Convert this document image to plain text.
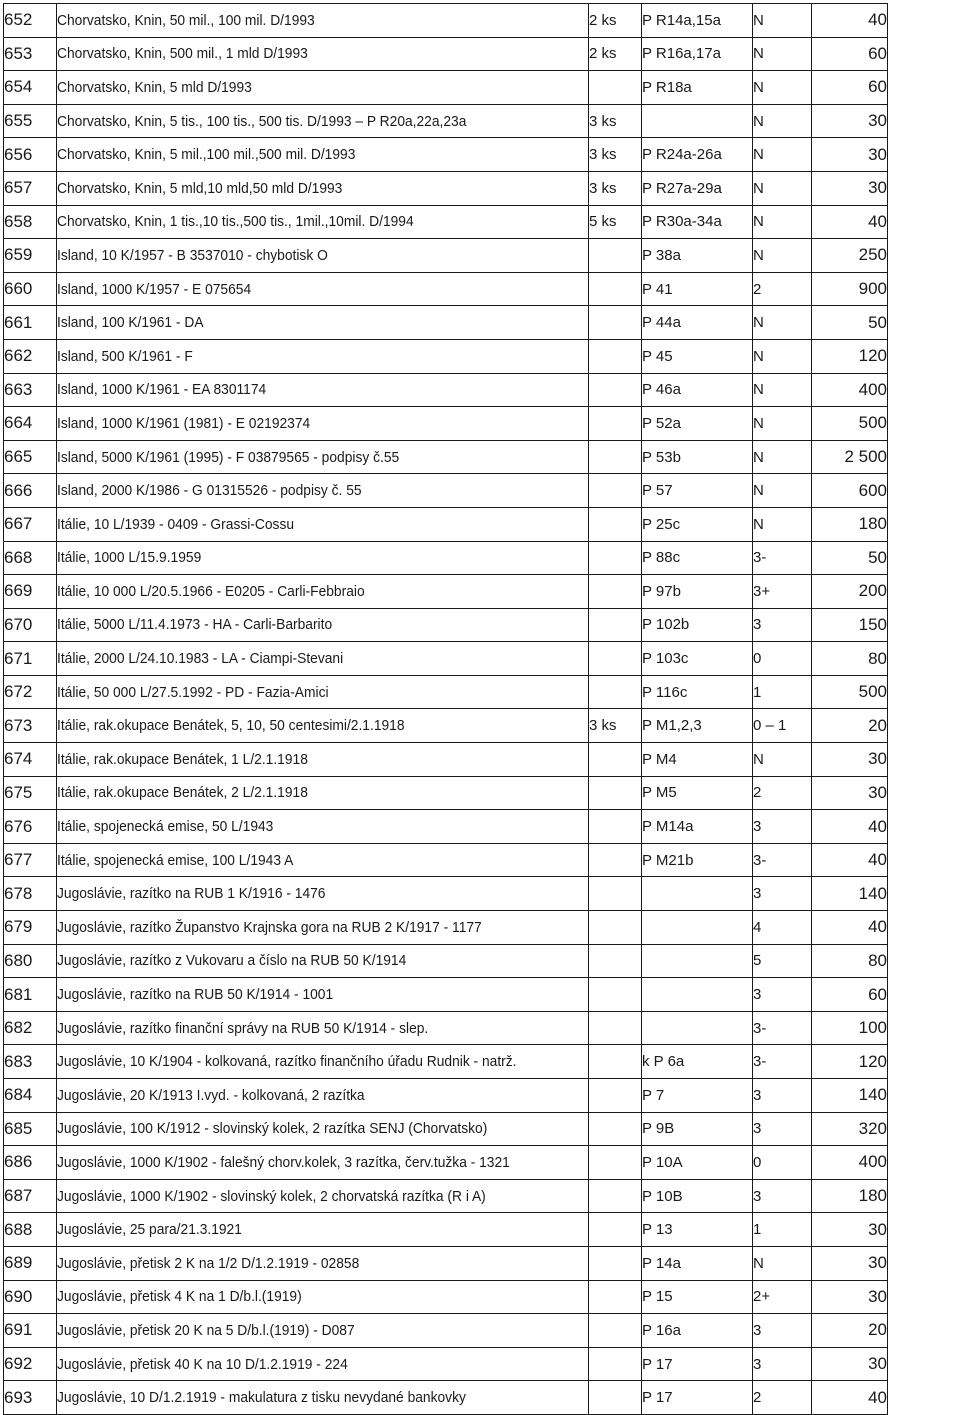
652	Chorvatsko, Knin, 50 mil., 100 mil. D/1993	2 ks	P R14a,15a	N	40
653	Chorvatsko, Knin, 500 mil., 1 mld D/1993	2 ks	P R16a,17a	N	60
654	Chorvatsko, Knin, 5 mld D/1993		P R18a	N	60
655	Chorvatsko, Knin, 5 tis., 100 tis., 500 tis. D/1993 – P R20a,22a,23a	3 ks		N	30
656	Chorvatsko, Knin, 5 mil.,100 mil.,500 mil. D/1993	3 ks	P R24a-26a	N	30
657	Chorvatsko, Knin, 5 mld,10 mld,50 mld D/1993	3 ks	P R27a-29a	N	30
658	Chorvatsko, Knin, 1 tis.,10 tis.,500 tis., 1mil.,10mil. D/1994	5 ks	P R30a-34a	N	40
659	Island, 10 K/1957 - B 3537010 - chybotisk O		P 38a	N	250
660	Island, 1000 K/1957 - E 075654		P 41	2	900
661	Island, 100 K/1961 - DA		P 44a	N	50
662	Island, 500 K/1961 - F		P 45	N	120
663	Island, 1000 K/1961 - EA 8301174		P 46a	N	400
664	Island, 1000 K/1961 (1981) - E 02192374		P 52a	N	500
665	Island, 5000 K/1961 (1995) - F 03879565 - podpisy č.55		P 53b	N	2 500
666	Island, 2000 K/1986 - G 01315526 - podpisy č. 55		P 57	N	600
667	Itálie, 10 L/1939 - 0409 - Grassi-Cossu		P 25c	N	180
668	Itálie, 1000 L/15.9.1959		P 88c	3-	50
669	Itálie, 10 000 L/20.5.1966 - E0205 - Carli-Febbraio		P 97b	3+	200
670	Itálie, 5000 L/11.4.1973 - HA - Carli-Barbarito		P 102b	3	150
671	Itálie, 2000 L/24.10.1983 - LA - Ciampi-Stevani		P 103c	0	80
672	Itálie, 50 000 L/27.5.1992 - PD - Fazia-Amici		P 116c	1	500
673	Itálie, rak.okupace Benátek, 5, 10, 50 centesimi/2.1.1918	3 ks	P M1,2,3	0 – 1	20
674	Itálie, rak.okupace Benátek, 1 L/2.1.1918		P M4	N	30
675	Itálie, rak.okupace Benátek, 2 L/2.1.1918		P M5	2	30
676	Itálie, spojenecká emise, 50 L/1943		P M14a	3	40
677	Itálie, spojenecká emise, 100 L/1943 A		P M21b	3-	40
678	Jugoslávie, razítko na RUB 1 K/1916 - 1476			3	140
679	Jugoslávie, razítko Županstvo Krajnska gora na RUB 2 K/1917 - 1177			4	40
680	Jugoslávie, razítko z Vukovaru a číslo na RUB 50 K/1914			5	80
681	Jugoslávie, razítko na RUB 50 K/1914 - 1001			3	60
682	Jugoslávie, razítko finanční správy na RUB 50 K/1914 - slep.			3-	100
683	Jugoslávie, 10 K/1904 - kolkovaná, razítko finančního úřadu Rudnik - natrž.		k P 6a	3-	120
684	Jugoslávie, 20 K/1913 I.vyd. - kolkovaná, 2 razítka		P 7	3	140
685	Jugoslávie, 100 K/1912 - slovinský kolek, 2 razítka SENJ (Chorvatsko)		P 9B	3	320
686	Jugoslávie, 1000 K/1902 - falešný chorv.kolek, 3 razítka, červ.tužka - 1321		P 10A	0	400
687	Jugoslávie, 1000 K/1902 - slovinský kolek, 2 chorvatská razítka (R i A)		P 10B	3	180
688	Jugoslávie, 25 para/21.3.1921		P 13	1	30
689	Jugoslávie, přetisk 2 K na 1/2 D/1.2.1919 - 02858		P 14a	N	30
690	Jugoslávie, přetisk 4 K na 1 D/b.l.(1919)		P 15	2+	30
691	Jugoslávie, přetisk 20 K na 5 D/b.l.(1919) - D087		P 16a	3	20
692	Jugoslávie, přetisk 40 K na 10 D/1.2.1919 - 224		P 17	3	30
693	Jugoslávie, 10 D/1.2.1919 - makulatura z tisku nevydané bankovky		P 17	2	40
